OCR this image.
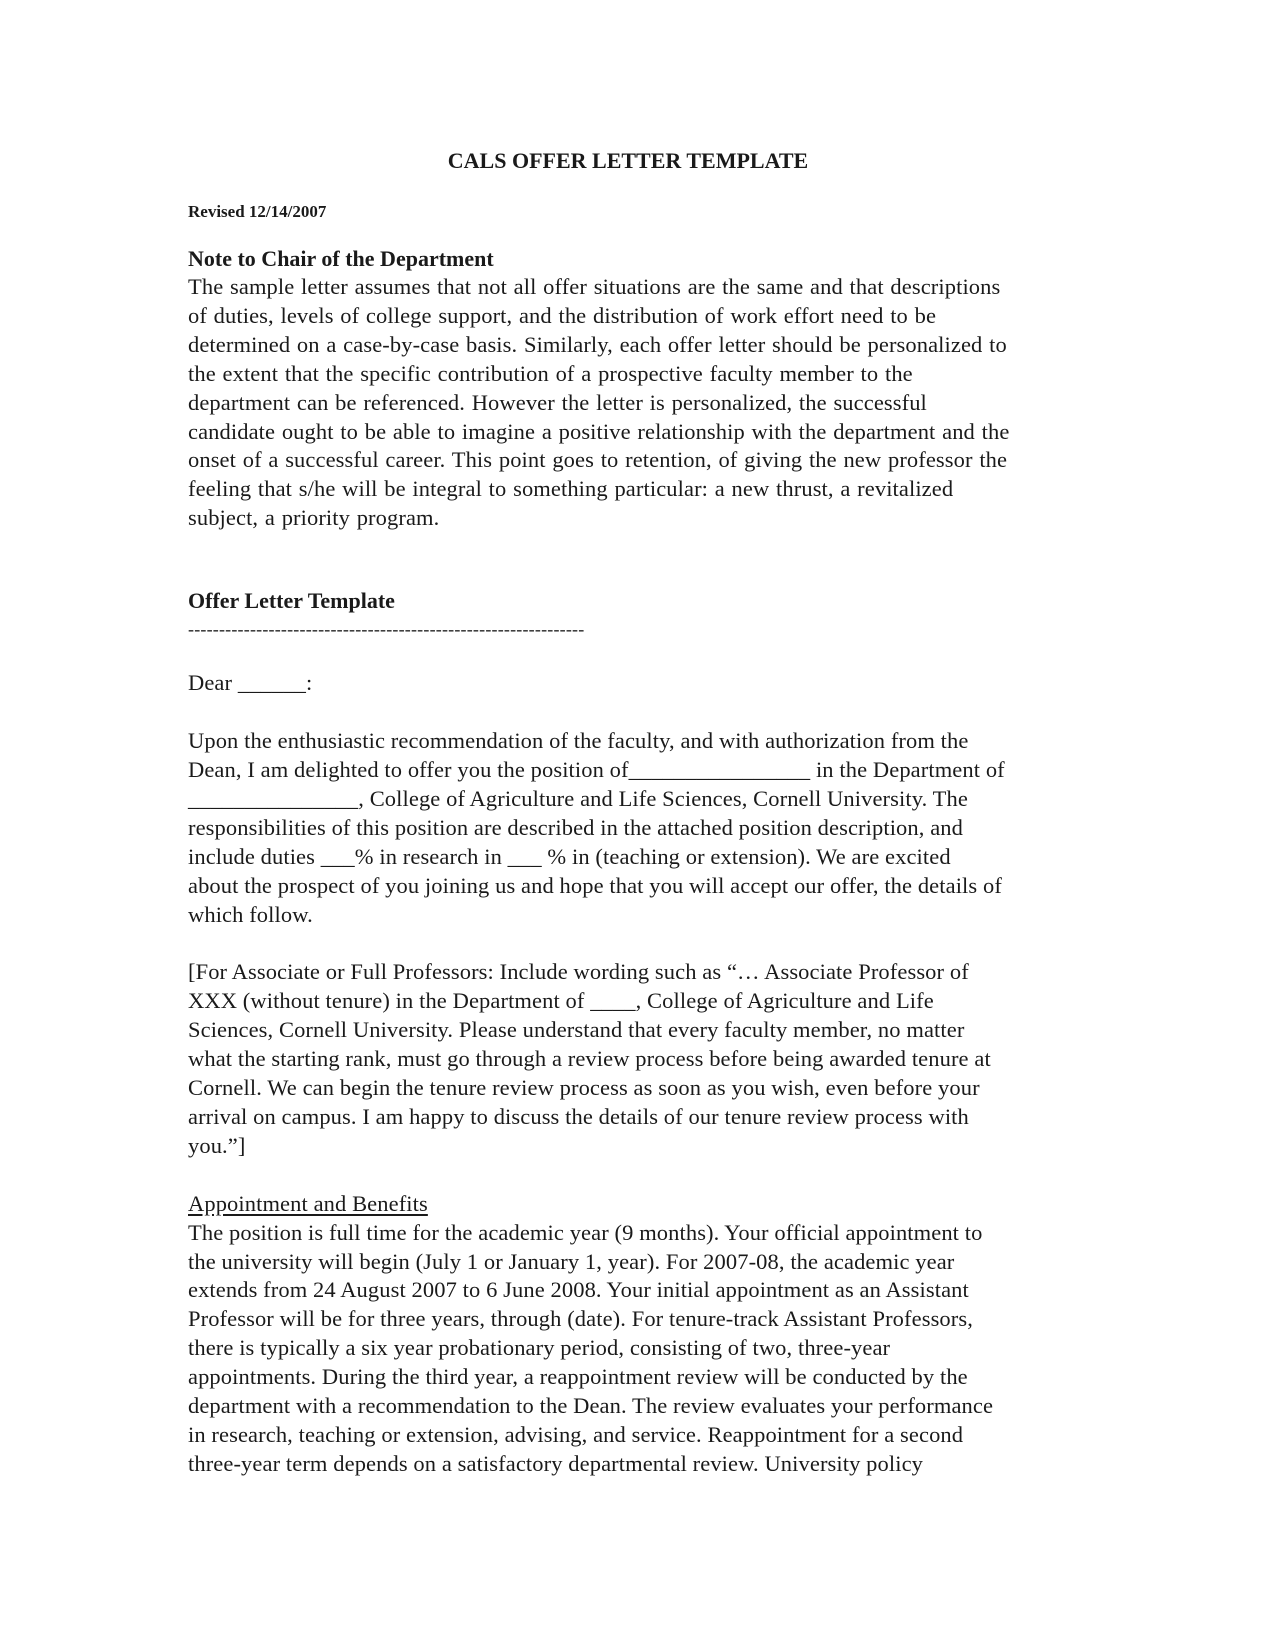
CALS OFFER LETTER TEMPLATE
Revised 12/14/2007
Note to Chair of the Department
The sample letter assumes that not all offer situations are the same and that descriptions
of duties, levels of college support, and the distribution of work effort need to be
determined on a case-by-case basis. Similarly, each offer letter should be personalized to
the extent that the specific contribution of a prospective faculty member to the
department can be referenced. However the letter is personalized, the successful
candidate ought to be able to imagine a positive relationship with the department and the
onset of a successful career. This point goes to retention, of giving the new professor the
feeling that s/he will be integral to something particular: a new thrust, a revitalized
subject, a priority program.
Offer Letter Template
----------------------------------------------------------------
Dear ______:
Upon the enthusiastic recommendation of the faculty, and with authorization from the
Dean, I am delighted to offer you the position of________________ in the Department of
_______________, College of Agriculture and Life Sciences, Cornell University. The
responsibilities of this position are described in the attached position description, and
include duties ___% in research in ___ % in (teaching or extension). We are excited
about the prospect of you joining us and hope that you will accept our offer, the details of
which follow.
[For Associate or Full Professors: Include wording such as “… Associate Professor of
XXX (without tenure) in the Department of ____, College of Agriculture and Life
Sciences, Cornell University. Please understand that every faculty member, no matter
what the starting rank, must go through a review process before being awarded tenure at
Cornell. We can begin the tenure review process as soon as you wish, even before your
arrival on campus. I am happy to discuss the details of our tenure review process with
you.”]
Appointment and Benefits
The position is full time for the academic year (9 months). Your official appointment to
the university will begin (July 1 or January 1, year). For 2007-08, the academic year
extends from 24 August 2007 to 6 June 2008. Your initial appointment as an Assistant
Professor will be for three years, through (date). For tenure-track Assistant Professors,
there is typically a six year probationary period, consisting of two, three-year
appointments. During the third year, a reappointment review will be conducted by the
department with a recommendation to the Dean. The review evaluates your performance
in research, teaching or extension, advising, and service. Reappointment for a second
three-year term depends on a satisfactory departmental review. University policy
